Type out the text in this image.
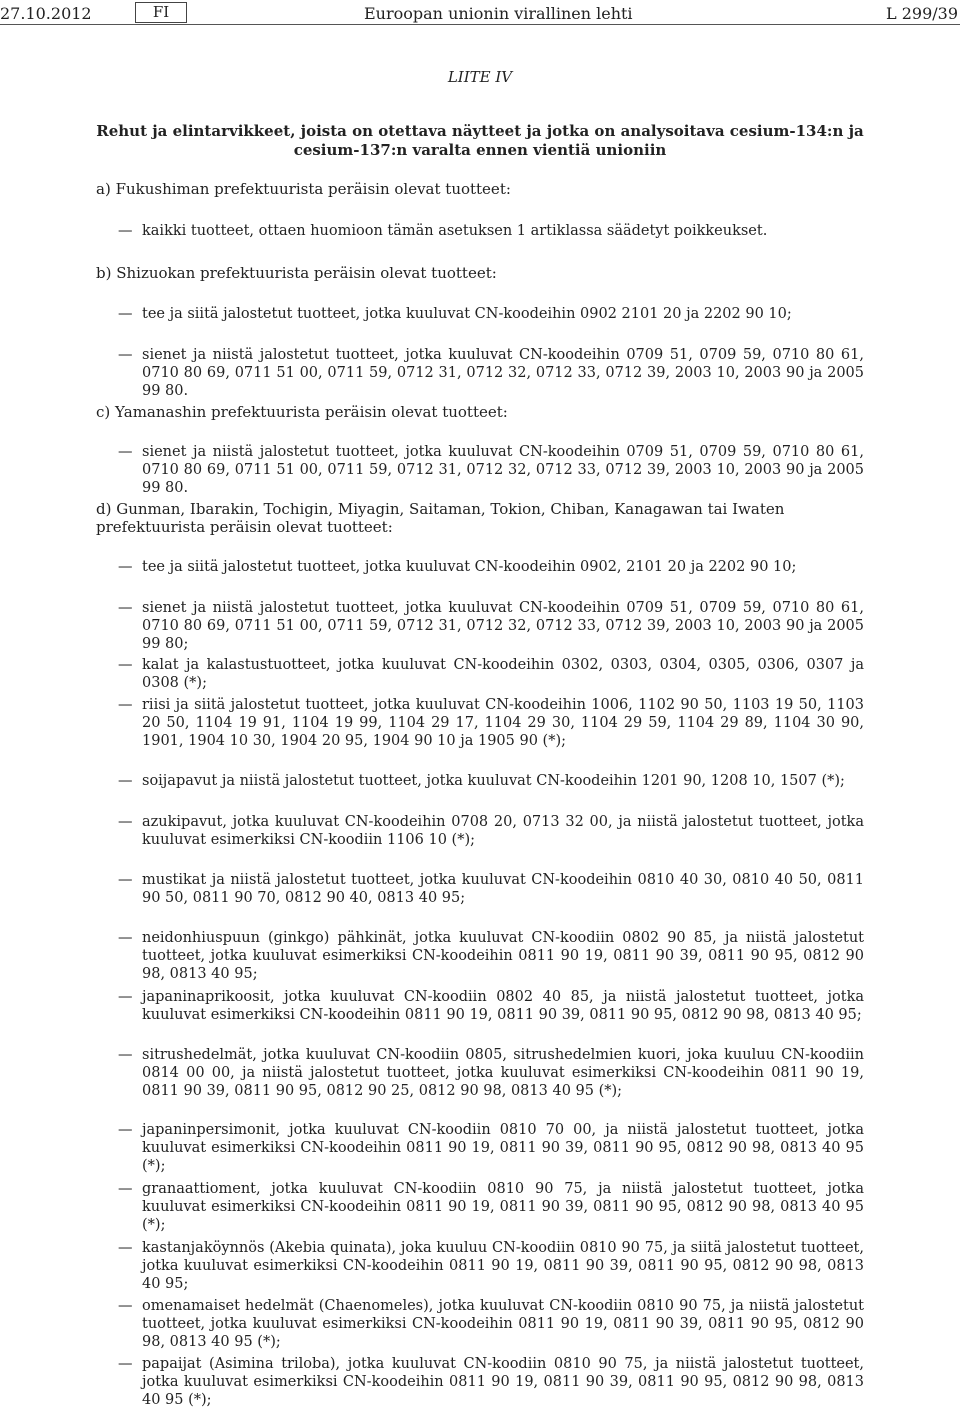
27.10.2012	FI	Euroopan unionin virallinen lehti	L 299/39
LIITE IV
Rehut ja elintarvikkeet, joista on otettava näytteet ja jotka on analysoitava cesium-134:n ja cesium-137:n varalta ennen vientiä unioniin
a) Fukushiman prefektuurista peräisin olevat tuotteet:
— kaikki tuotteet, ottaen huomioon tämän asetuksen 1 artiklassa säädetyt poikkeukset.
b) Shizuokan prefektuurista peräisin olevat tuotteet:
— tee ja siitä jalostetut tuotteet, jotka kuuluvat CN-koodeihin 0902 2101 20 ja 2202 90 10;
— sienet ja niistä jalostetut tuotteet, jotka kuuluvat CN-koodeihin 0709 51, 0709 59, 0710 80 61, 0710 80 69, 0711 51 00, 0711 59, 0712 31, 0712 32, 0712 33, 0712 39, 2003 10, 2003 90 ja 2005 99 80.
c) Yamanashin prefektuurista peräisin olevat tuotteet:
— sienet ja niistä jalostetut tuotteet, jotka kuuluvat CN-koodeihin 0709 51, 0709 59, 0710 80 61, 0710 80 69, 0711 51 00, 0711 59, 0712 31, 0712 32, 0712 33, 0712 39, 2003 10, 2003 90 ja 2005 99 80.
d) Gunman, Ibarakin, Tochigin, Miyagin, Saitaman, Tokion, Chiban, Kanagawan tai Iwaten prefektuurista peräisin olevat tuotteet:
— tee ja siitä jalostetut tuotteet, jotka kuuluvat CN-koodeihin 0902, 2101 20 ja 2202 90 10;
— sienet ja niistä jalostetut tuotteet, jotka kuuluvat CN-koodeihin 0709 51, 0709 59, 0710 80 61, 0710 80 69, 0711 51 00, 0711 59, 0712 31, 0712 32, 0712 33, 0712 39, 2003 10, 2003 90 ja 2005 99 80;
— kalat ja kalastustuotteet, jotka kuuluvat CN-koodeihin 0302, 0303, 0304, 0305, 0306, 0307 ja 0308 (*);
— riisi ja siitä jalostetut tuotteet, jotka kuuluvat CN-koodeihin 1006, 1102 90 50, 1103 19 50, 1103 20 50, 1104 19 91, 1104 19 99, 1104 29 17, 1104 29 30, 1104 29 59, 1104 29 89, 1104 30 90, 1901, 1904 10 30, 1904 20 95, 1904 90 10 ja 1905 90 (*);
— soijapavut ja niistä jalostetut tuotteet, jotka kuuluvat CN-koodeihin 1201 90, 1208 10, 1507 (*);
— azukipavut, jotka kuuluvat CN-koodeihin 0708 20, 0713 32 00, ja niistä jalostetut tuotteet, jotka kuuluvat esimerkiksi CN-koodiin 1106 10 (*);
— mustikat ja niistä jalostetut tuotteet, jotka kuuluvat CN-koodeihin 0810 40 30, 0810 40 50, 0811 90 50, 0811 90 70, 0812 90 40, 0813 40 95;
— neidonhiuspuun (ginkgo) pähkinät, jotka kuuluvat CN-koodiin 0802 90 85, ja niistä jalostetut tuotteet, jotka kuuluvat esimerkiksi CN-koodeihin 0811 90 19, 0811 90 39, 0811 90 95, 0812 90 98, 0813 40 95;
— japaninaprikoosit, jotka kuuluvat CN-koodiin 0802 40 85, ja niistä jalostetut tuotteet, jotka kuuluvat esimerkiksi CN-koodeihin 0811 90 19, 0811 90 39, 0811 90 95, 0812 90 98, 0813 40 95;
— sitrushedelmät, jotka kuuluvat CN-koodiin 0805, sitrushedelmien kuori, joka kuuluu CN-koodiin 0814 00 00, ja niistä jalostetut tuotteet, jotka kuuluvat esimerkiksi CN-koodeihin 0811 90 19, 0811 90 39, 0811 90 95, 0812 90 25, 0812 90 98, 0813 40 95 (*);
— japaninpersimonit, jotka kuuluvat CN-koodiin 0810 70 00, ja niistä jalostetut tuotteet, jotka kuuluvat esimerkiksi CN-koodeihin 0811 90 19, 0811 90 39, 0811 90 95, 0812 90 98, 0813 40 95 (*);
— granaattioment, jotka kuuluvat CN-koodiin 0810 90 75, ja niistä jalostetut tuotteet, jotka kuuluvat esimerkiksi CN-koodeihin 0811 90 19, 0811 90 39, 0811 90 95, 0812 90 98, 0813 40 95 (*);
— kastanjaköynnös (Akebia quinata), joka kuuluu CN-koodiin 0810 90 75, ja siitä jalostetut tuotteet, jotka kuuluvat esimerkiksi CN-koodeihin 0811 90 19, 0811 90 39, 0811 90 95, 0812 90 98, 0813 40 95;
— omenamaiset hedelmät (Chaenomeles), jotka kuuluvat CN-koodiin 0810 90 75, ja niistä jalostetut tuotteet, jotka kuuluvat esimerkiksi CN-koodeihin 0811 90 19, 0811 90 39, 0811 90 95, 0812 90 98, 0813 40 95 (*);
— papaijat (Asimina triloba), jotka kuuluvat CN-koodiin 0810 90 75, ja niistä jalostetut tuotteet, jotka kuuluvat esimerkiksi CN-koodeihin 0811 90 19, 0811 90 39, 0811 90 95, 0812 90 98, 0813 40 95 (*);
